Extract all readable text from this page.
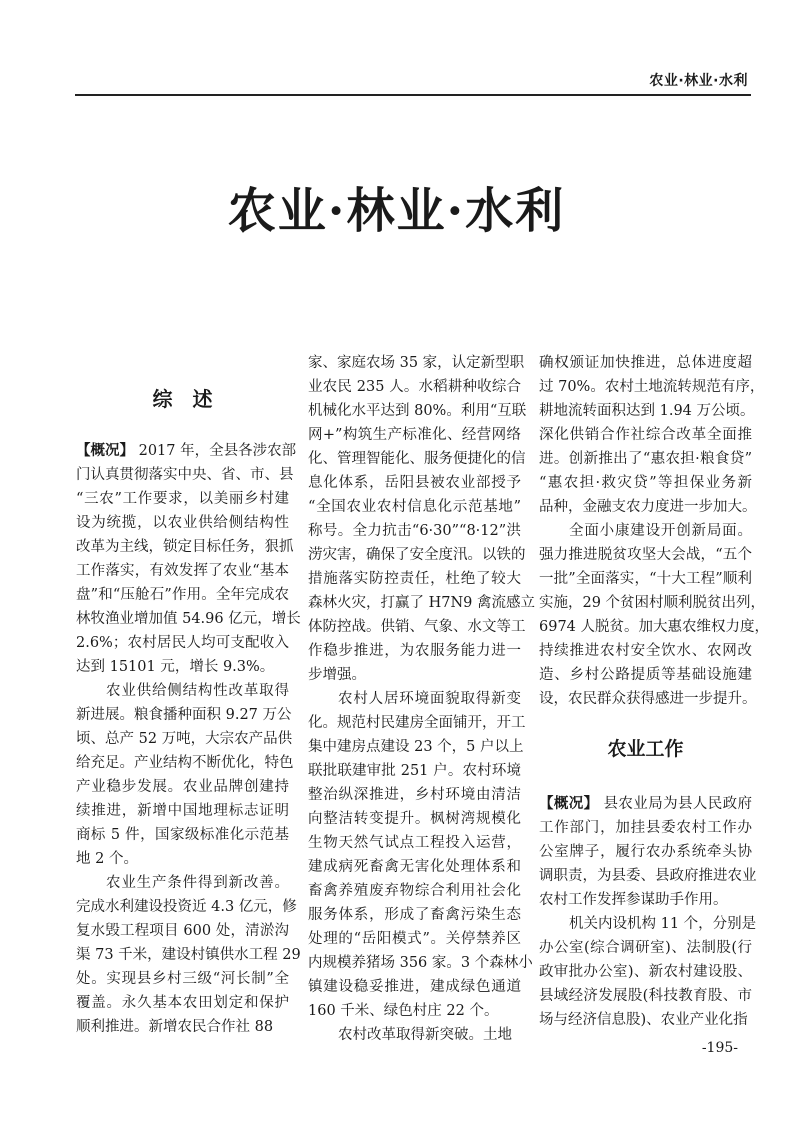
农业·林业·水利
农业·林业·水利
综　述
【概况】 2017 年，全县各涉农部
门认真贯彻落实中央、省、市、县
“三农”工作要求，以美丽乡村建
设为统揽，以农业供给侧结构性
改革为主线，锁定目标任务，狠抓
工作落实，有效发挥了农业“基本
盘”和“压舱石”作用。全年完成农
林牧渔业增加值 54.96 亿元，增长
2.6%；农村居民人均可支配收入
达到 15101 元，增长 9.3%。
农业供给侧结构性改革取得
新进展。粮食播种面积 9.27 万公
顷、总产 52 万吨，大宗农产品供
给充足。产业结构不断优化，特色
产业稳步发展。农业品牌创建持
续推进，新增中国地理标志证明
商标 5 件，国家级标准化示范基
地 2 个。
农业生产条件得到新改善。
完成水利建设投资近 4.3 亿元，修
复水毁工程项目 600 处，清淤沟
渠 73 千米，建设村镇供水工程 29
处。实现县乡村三级“河长制”全
覆盖。永久基本农田划定和保护
顺利推进。新增农民合作社 88
家、家庭农场 35 家，认定新型职
业农民 235 人。水稻耕种收综合
机械化水平达到 80%。利用“互联
网+”构筑生产标准化、经营网络
化、管理智能化、服务便捷化的信
息化体系，岳阳县被农业部授予
“全国农业农村信息化示范基地”
称号。全力抗击“6·30”“8·12”洪
涝灾害，确保了安全度汛。以铁的
措施落实防控责任，杜绝了较大
森林火灾，打赢了 H7N9 禽流感立
体防控战。供销、气象、水文等工
作稳步推进，为农服务能力进一
步增强。
农村人居环境面貌取得新变
化。规范村民建房全面铺开，开工
集中建房点建设 23 个，5 户以上
联批联建审批 251 户。农村环境
整治纵深推进，乡村环境由清洁
向整洁转变提升。枫树湾规模化
生物天然气试点工程投入运营，
建成病死畜禽无害化处理体系和
畜禽养殖废弃物综合利用社会化
服务体系，形成了畜禽污染生态
处理的“岳阳模式”。关停禁养区
内规模养猪场 356 家。3 个森林小
镇建设稳妥推进，建成绿色通道
160 千米、绿色村庄 22 个。
农村改革取得新突破。土地
确权颁证加快推进，总体进度超
过 70%。农村土地流转规范有序，
耕地流转面积达到 1.94 万公顷。
深化供销合作社综合改革全面推
进。创新推出了“惠农担·粮食贷”
“惠农担·救灾贷”等担保业务新
品种，金融支农力度进一步加大。
全面小康建设开创新局面。
强力推进脱贫攻坚大会战，“五个
一批”全面落实，“十大工程”顺利
实施，29 个贫困村顺利脱贫出列，
6974 人脱贫。加大惠农维权力度，
持续推进农村安全饮水、农网改
造、乡村公路提质等基础设施建
设，农民群众获得感进一步提升。
农业工作
【概况】 县农业局为县人民政府
工作部门，加挂县委农村工作办
公室牌子，履行农办系统牵头协
调职责，为县委、县政府推进农业
农村工作发挥参谋助手作用。
机关内设机构 11 个，分别是
办公室(综合调研室)、法制股(行
政审批办公室)、新农村建设股、
县域经济发展股(科技教育股、市
场与经济信息股)、农业产业化指
-195-
